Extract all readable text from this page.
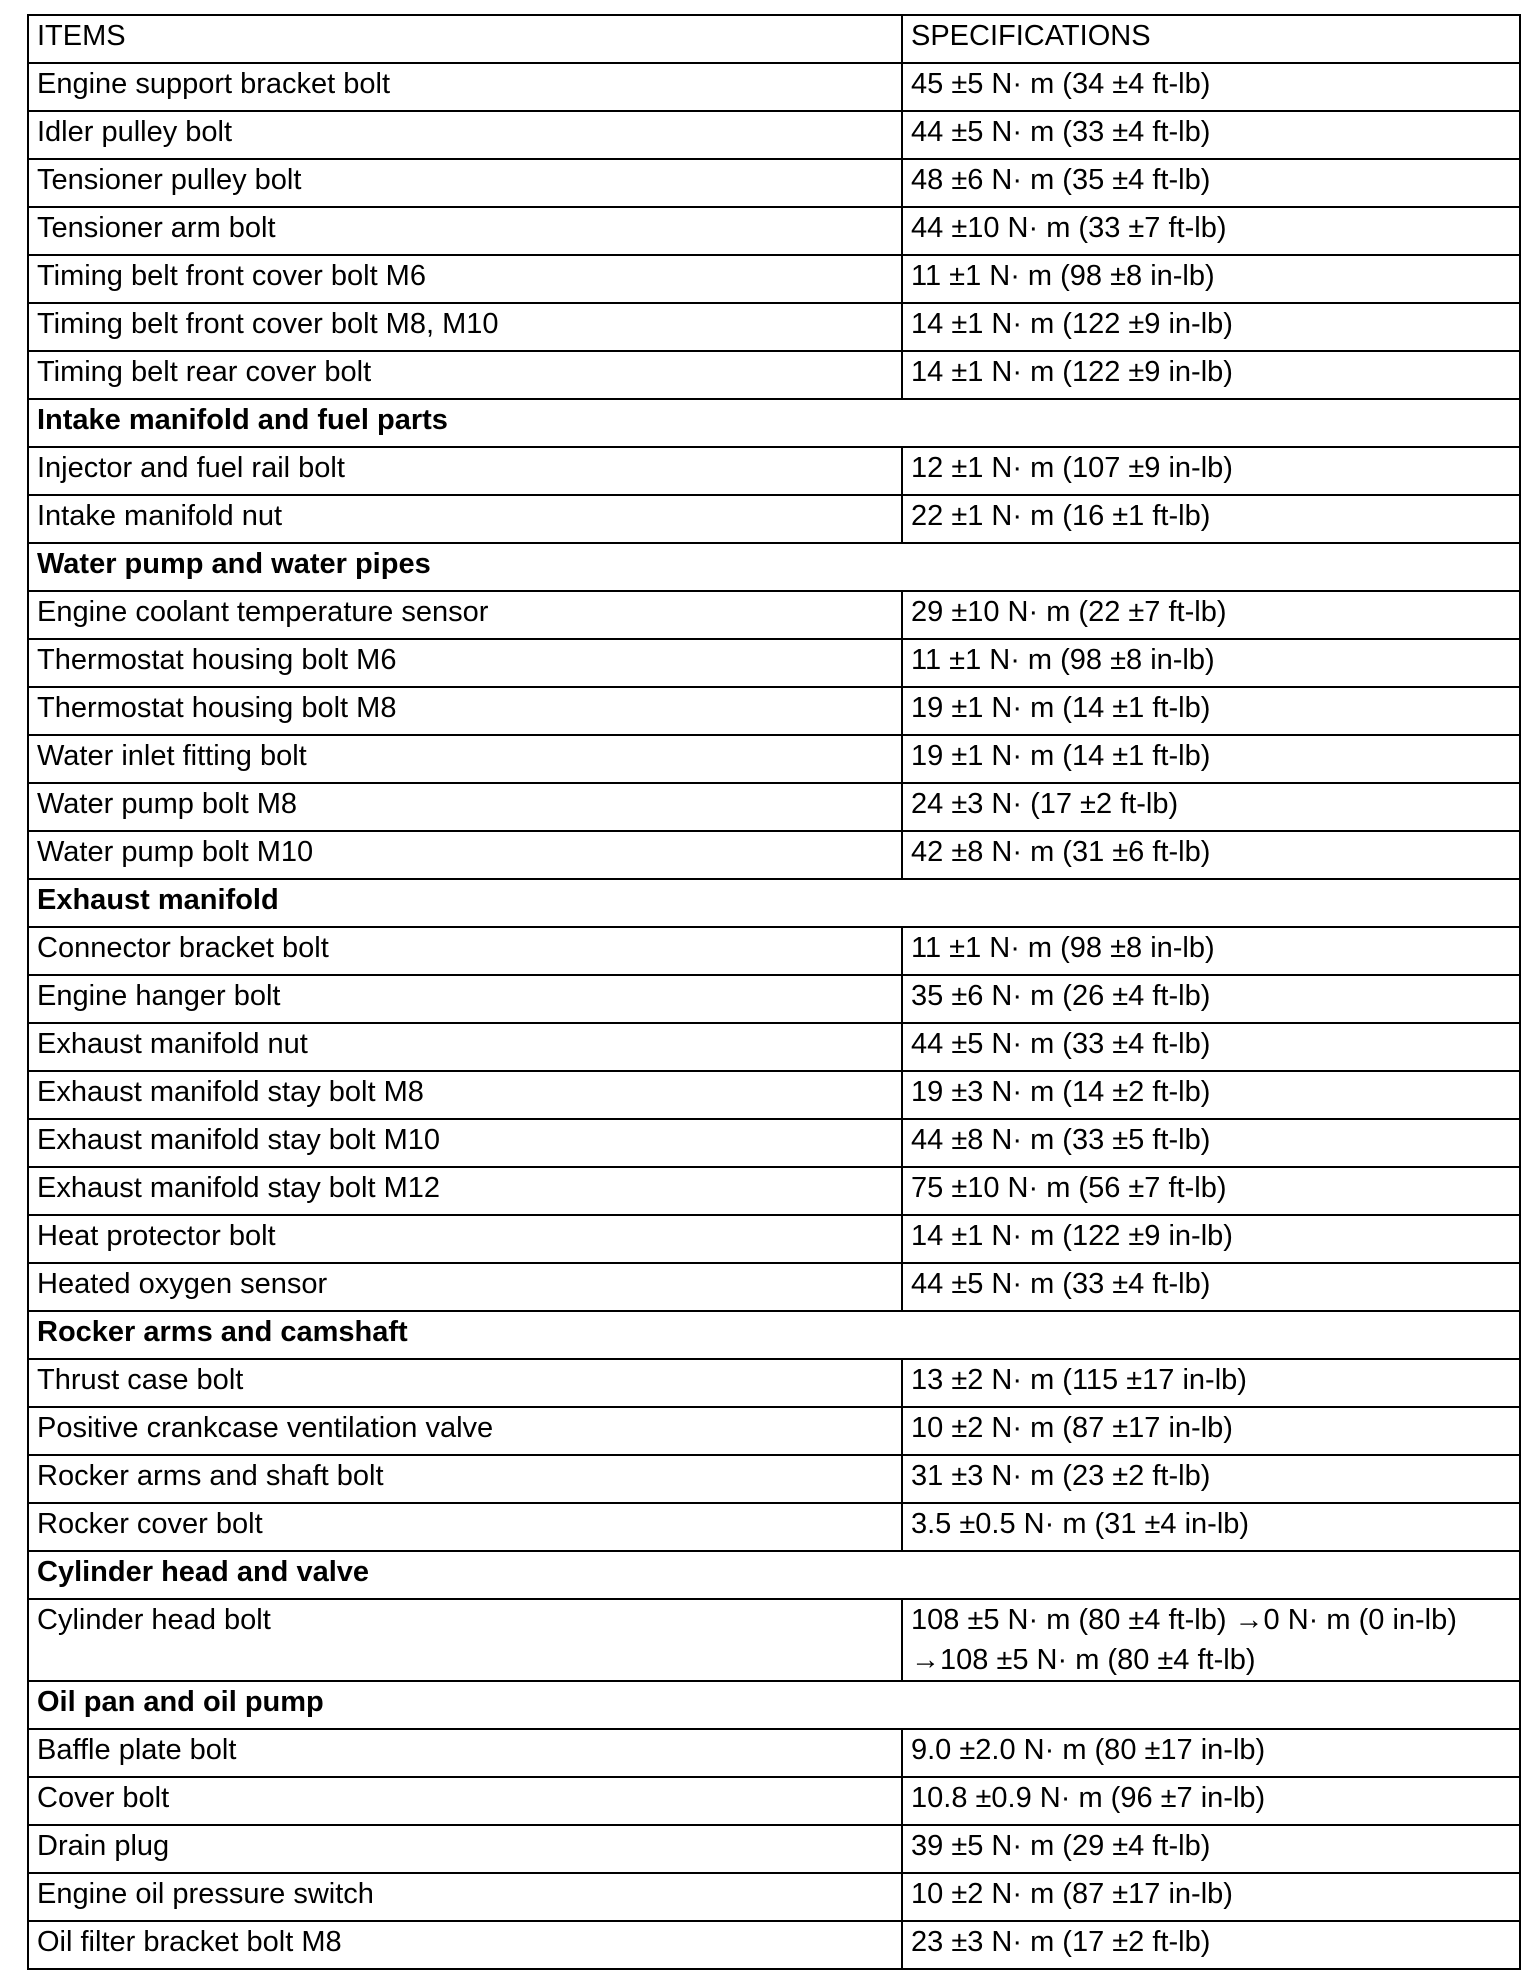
ITEMS	SPECIFICATIONS
Engine support bracket bolt	45 ±5 N· m (34 ±4 ft-lb)

Idler pulley bolt	44 ±5 N· m (33 ±4 ft-lb)

Tensioner pulley bolt	48 ±6 N· m (35 ±4 ft-lb)

Tensioner arm bolt	44 ±10 N· m (33 ±7 ft-lb)

Timing belt front cover bolt M6	11 ±1 N· m (98 ±8 in-lb)

Timing belt front cover bolt M8, M10	14 ±1 N· m (122 ±9 in-lb)

Timing belt rear cover bolt	14 ±1 N· m (122 ±9 in-lb)

Intake manifold and fuel parts	
Injector and fuel rail bolt	12 ±1 N· m (107 ±9 in-lb)

Intake manifold nut	22 ±1 N· m (16 ±1 ft-lb)

Water pump and water pipes	
Engine coolant temperature sensor	29 ±10 N· m (22 ±7 ft-lb)

Thermostat housing bolt M6	11 ±1 N· m (98 ±8 in-lb)

Thermostat housing bolt M8	19 ±1 N· m (14 ±1 ft-lb)

Water inlet fitting bolt	19 ±1 N· m (14 ±1 ft-lb)

Water pump bolt M8	24 ±3 N· (17 ±2 ft-lb)

Water pump bolt M10	42 ±8 N· m (31 ±6 ft-lb)

Exhaust manifold	
Connector bracket bolt	11 ±1 N· m (98 ±8 in-lb)

Engine hanger bolt	35 ±6 N· m (26 ±4 ft-lb)

Exhaust manifold nut	44 ±5 N· m (33 ±4 ft-lb)

Exhaust manifold stay bolt M8	19 ±3 N· m (14 ±2 ft-lb)

Exhaust manifold stay bolt M10	44 ±8 N· m (33 ±5 ft-lb)

Exhaust manifold stay bolt M12	75 ±10 N· m (56 ±7 ft-lb)

Heat protector bolt	14 ±1 N· m (122 ±9 in-lb)

Heated oxygen sensor	44 ±5 N· m (33 ±4 ft-lb)

Rocker arms and camshaft	
Thrust case bolt	13 ±2 N· m (115 ±17 in-lb)

Positive crankcase ventilation valve	10 ±2 N· m (87 ±17 in-lb)

Rocker arms and shaft bolt	31 ±3 N· m (23 ±2 ft-lb)

Rocker cover bolt	3.5 ±0.5 N· m (31 ±4 in-lb)

Cylinder head and valve	
Cylinder head bolt	108 ±5 N· m (80 ±4 ft-lb) →0 N· m (0 in-lb)
→108 ±5 N· m (80 ±4 ft-lb)

Oil pan and oil pump	
Baffle plate bolt	9.0 ±2.0 N· m (80 ±17 in-lb)

Cover bolt	10.8 ±0.9 N· m (96 ±7 in-lb)

Drain plug	39 ±5 N· m (29 ±4 ft-lb)

Engine oil pressure switch	10 ±2 N· m (87 ±17 in-lb)

Oil filter bracket bolt M8	23 ±3 N· m (17 ±2 ft-lb)
